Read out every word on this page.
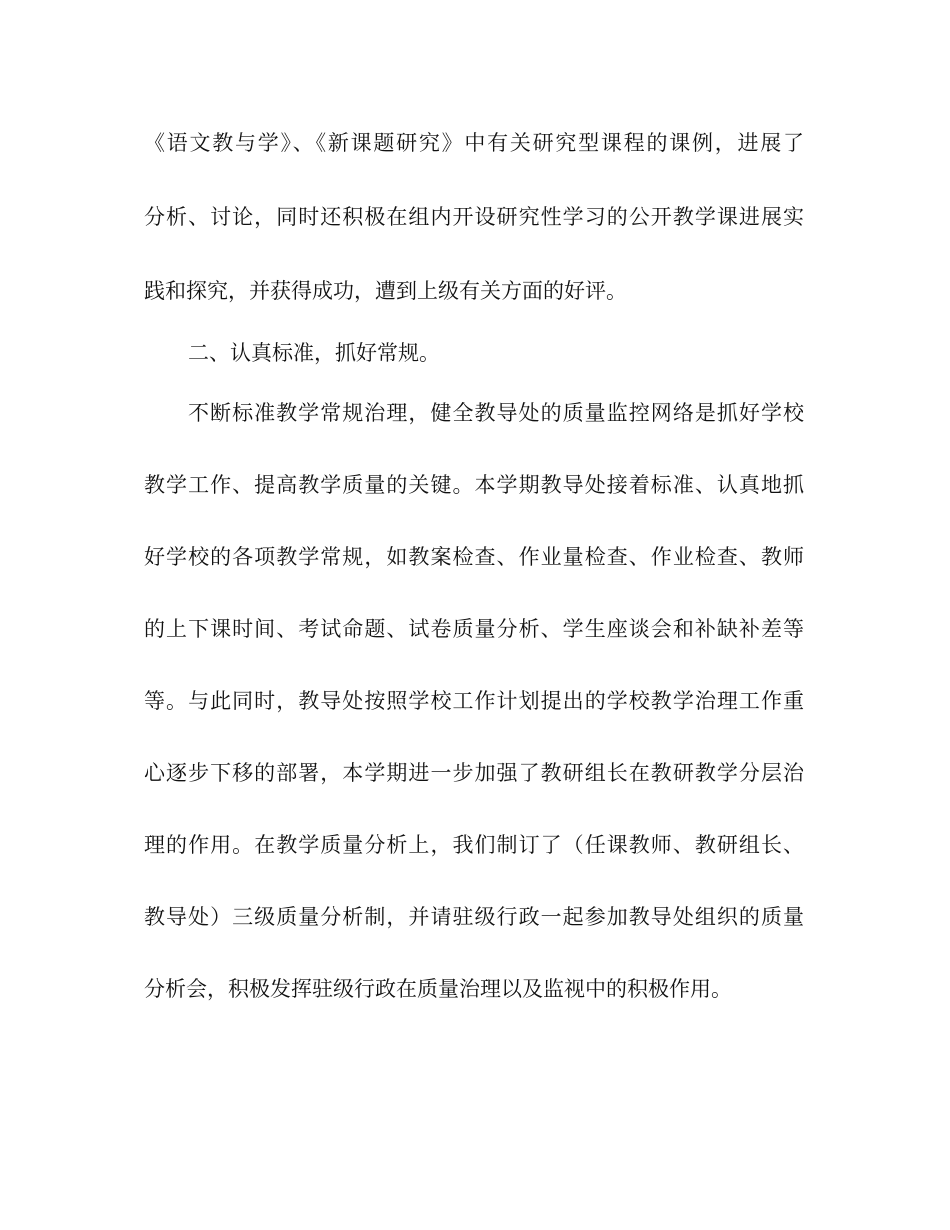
《语文教与学》、《新课题研究》中有关研究型课程的课例，进展了
分析、讨论，同时还积极在组内开设研究性学习的公开教学课进展实
践和探究，并获得成功，遭到上级有关方面的好评。
二、认真标准，抓好常规。
不断标准教学常规治理，健全教导处的质量监控网络是抓好学校
教学工作、提高教学质量的关键。本学期教导处接着标准、认真地抓
好学校的各项教学常规，如教案检查、作业量检查、作业检查、教师
的上下课时间、考试命题、试卷质量分析、学生座谈会和补缺补差等
等。与此同时，教导处按照学校工作计划提出的学校教学治理工作重
心逐步下移的部署，本学期进一步加强了教研组长在教研教学分层治
理的作用。在教学质量分析上，我们制订了（任课教师、教研组长、
教导处）三级质量分析制，并请驻级行政一起参加教导处组织的质量
分析会，积极发挥驻级行政在质量治理以及监视中的积极作用。
